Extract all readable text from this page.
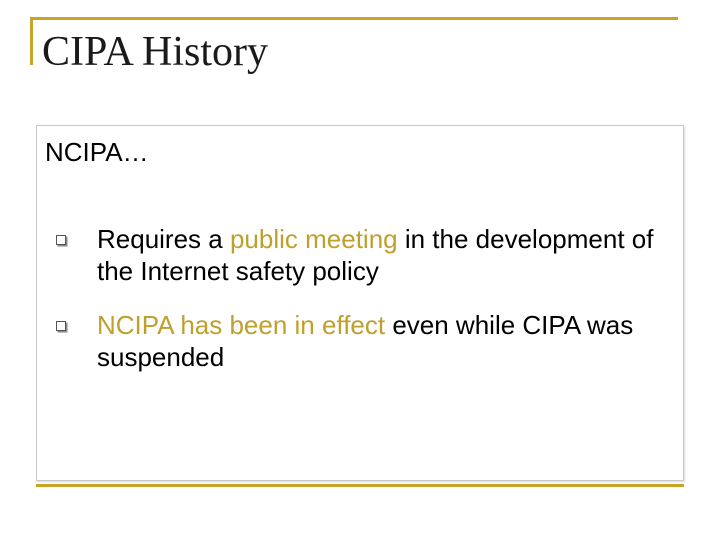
CIPA History
NCIPA…
Requires a public meeting in the development of the Internet safety policy
NCIPA has been in effect even while CIPA was suspended
